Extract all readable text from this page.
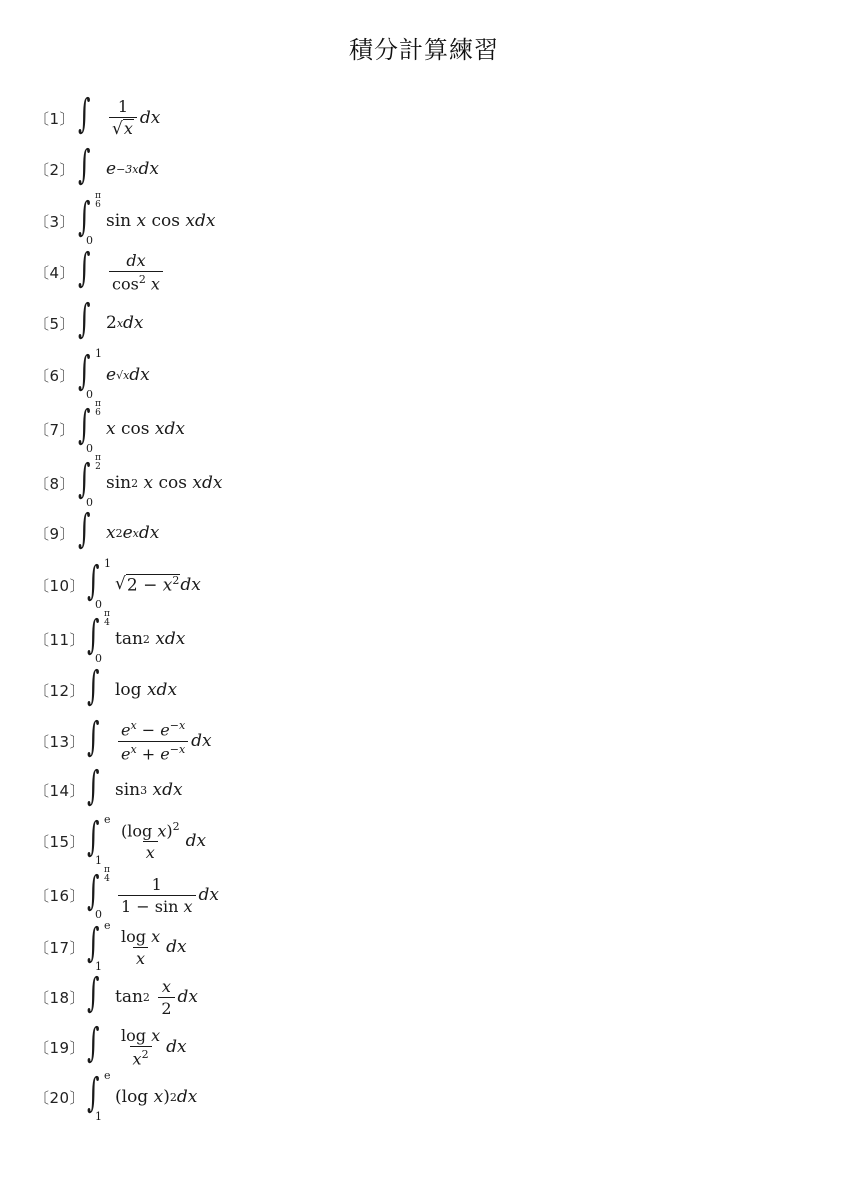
積分計算練習
〔1〕 ∫ $\frac{1}{√ x}$ dx
〔2〕 ∫ e −3x dx
〔3〕 ∫ π
6
0
sin x cos xdx
〔4〕 ∫ $\frac{dx}{\cos^2 x}$
〔5〕 ∫ 2 x dx
〔6〕 ∫ 1
0
e √x dx
〔7〕 ∫ π
6
0
x cos xdx
〔8〕 ∫ π
2
0
sin 2
x cos xdx
〔9〕 ∫ x 2 e x dx
〔10〕 ∫ 1
0
√ $2 - x^2$ dx
〔11〕 ∫ π
4
0
tan 2
xdx
〔12〕 ∫ log xdx
〔13〕 ∫ $\frac{e^x - e^{-x}}{e^x + e^{-x}}$ dx
〔14〕 ∫ sin 3
xdx
〔15〕 ∫ e
$1 \frac{(\log x)^2}{x}$ dx
〔16〕 ∫ π
4
$0 \frac{1}{\text{1 − sin x}}$ dx
〔17〕 ∫ e
$1 \frac{\text{log x}}{x}$ dx
〔18〕 ∫ tan 2
$\frac{x}{2}$ dx
〔19〕 ∫ $\frac{\text{log x}}{x^2}$ dx
〔20〕 ∫ e
1
(log x ) 2 dx
